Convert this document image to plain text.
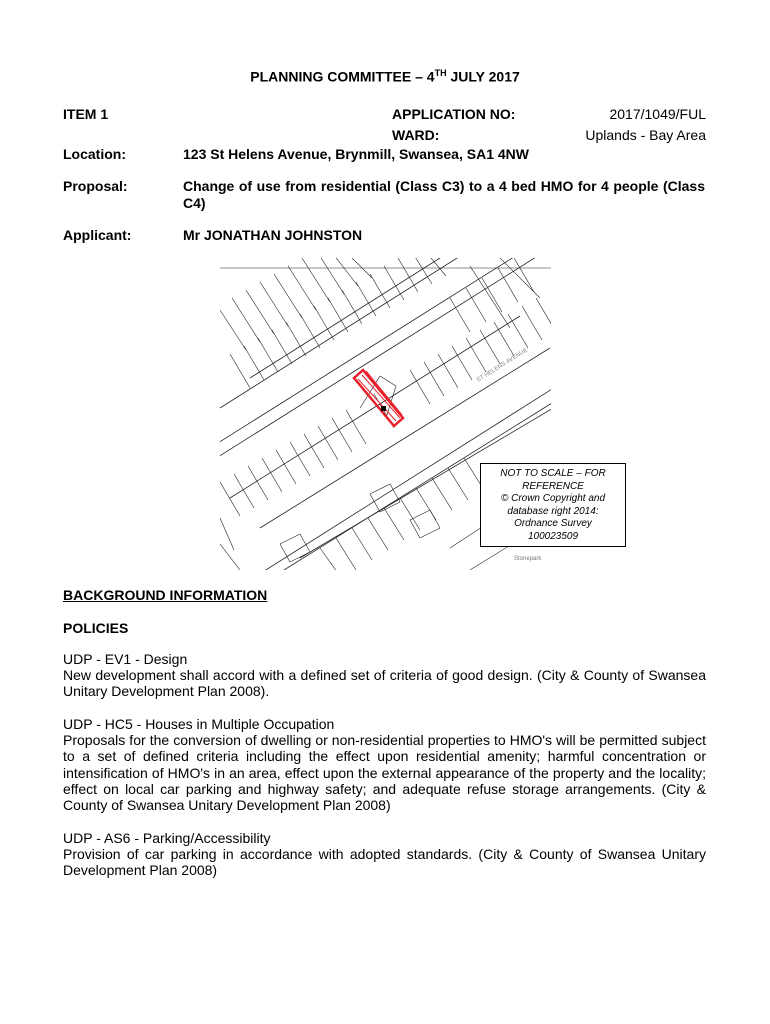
PLANNING COMMITTEE – 4TH JULY 2017
ITEM 1	APPLICATION NO:	2017/1049/FUL
WARD:	Uplands - Bay Area
Location:	123 St Helens Avenue, Brynmill, Swansea, SA1 4NW
Proposal:	Change of use from residential (Class C3) to a 4 bed HMO for 4 people (Class C4)
Applicant:	Mr JONATHAN JOHNSTON
ST HELENS AVENUE
Stonepark
NOT TO SCALE – FOR
REFERENCE
© Crown Copyright and
database right 2014:
Ordnance Survey
100023509
BACKGROUND INFORMATION
POLICIES
UDP - EV1 - Design
New development shall accord with a defined set of criteria of good design. (City & County of Swansea Unitary Development Plan 2008).
UDP - HC5 - Houses in Multiple Occupation
Proposals for the conversion of dwelling or non-residential properties to HMO's will be permitted subject to a set of defined criteria including the effect upon residential amenity; harmful concentration or intensification of HMO's in an area, effect upon the external appearance of the property and the locality; effect on local car parking and highway safety; and adequate refuse storage arrangements. (City & County of Swansea Unitary Development Plan 2008)
UDP - AS6 - Parking/Accessibility
Provision of car parking in accordance with adopted standards. (City & County of Swansea Unitary Development Plan 2008)
